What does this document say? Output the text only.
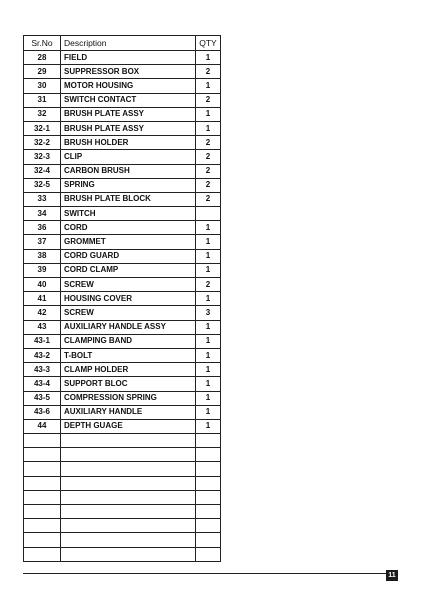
Sr.No	Description	QTY
28	FIELD	1
29	SUPPRESSOR BOX	2
30	MOTOR HOUSING	1
31	SWITCH CONTACT	2
32	BRUSH PLATE ASSY	1
32-1	BRUSH PLATE ASSY	1
32-2	BRUSH HOLDER	2
32-3	CLIP	2
32-4	CARBON BRUSH	2
32-5	SPRING	2
33	BRUSH PLATE BLOCK	2
34	SWITCH	
36	CORD	1
37	GROMMET	1
38	CORD GUARD	1
39	CORD CLAMP	1
40	SCREW	2
41	HOUSING COVER	1
42	SCREW	3
43	AUXILIARY HANDLE ASSY	1
43-1	CLAMPING BAND	1
43-2	T-BOLT	1
43-3	CLAMP HOLDER	1
43-4	SUPPORT BLOC	1
43-5	COMPRESSION SPRING	1
43-6	AUXILIARY HANDLE	1
44	DEPTH GUAGE	1

11
